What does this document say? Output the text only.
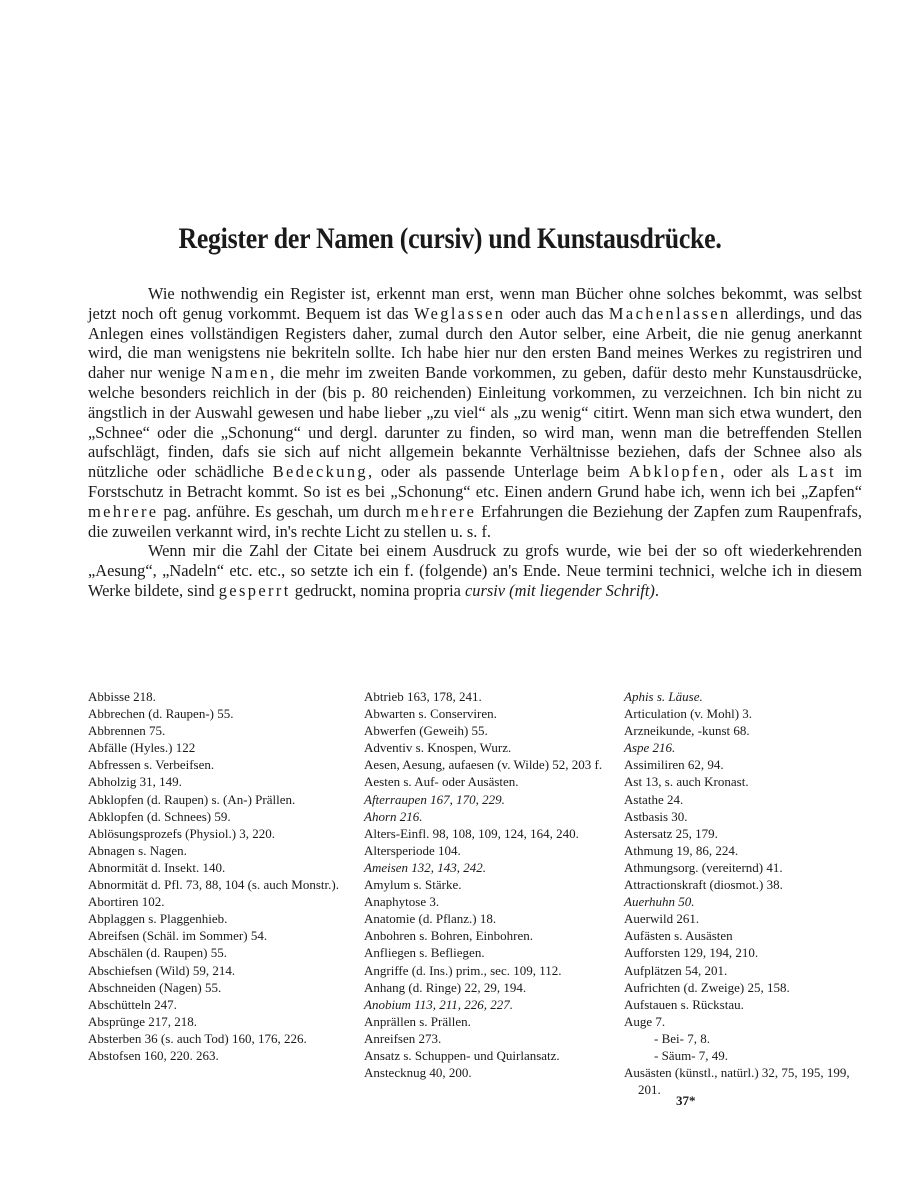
Register der Namen (cursiv) und Kunstausdrücke.

Wie nothwendig ein Register ist, erkennt man erst, wenn man Bücher ohne solches bekommt, was selbst jetzt noch oft genug vorkommt. Bequem ist das Weglassen oder auch das Machenlassen allerdings, und das Anlegen eines vollständigen Registers daher, zumal durch den Autor selber, eine Arbeit, die nie genug anerkannt wird, die man wenigstens nie bekriteln sollte. Ich habe hier nur den ersten Band meines Werkes zu registriren und daher nur wenige Namen, die mehr im zweiten Bande vorkommen, zu geben, dafür desto mehr Kunstausdrücke, welche besonders reichlich in der (bis p. 80 reichenden) Einleitung vorkommen, zu verzeichnen. Ich bin nicht zu ängstlich in der Auswahl gewesen und habe lieber „zu viel“ als „zu wenig“ citirt. Wenn man sich etwa wundert, den „Schnee“ oder die „Schonung“ und dergl. darunter zu finden, so wird man, wenn man die betreffenden Stellen aufschlägt, finden, dafs sie sich auf nicht allgemein bekannte Verhältnisse beziehen, dafs der Schnee also als nützliche oder schädliche Bedeckung, oder als passende Unterlage beim Abklopfen, oder als Last im Forstschutz in Betracht kommt. So ist es bei „Schonung“ etc. Einen andern Grund habe ich, wenn ich bei „Zapfen“ mehrere pag. anführe. Es geschah, um durch mehrere Erfahrungen die Beziehung der Zapfen zum Raupenfrafs, die zuweilen verkannt wird, in's rechte Licht zu stellen u. s. f.

Wenn mir die Zahl der Citate bei einem Ausdruck zu grofs wurde, wie bei der so oft wiederkehrenden „Aesung“, „Nadeln“ etc. etc., so setzte ich ein f. (folgende) an's Ende. Neue termini technici, welche ich in diesem Werke bildete, sind gesperrt gedruckt, nomina propria cursiv (mit liegender Schrift).

Abbisse 218.
Abbrechen (d. Raupen-) 55.
Abbrennen 75.
Abfälle (Hyles.) 122
Abfressen s. Verbeifsen.
Abholzig 31, 149.
Abklopfen (d. Raupen) s. (An-) Prällen.
Abklopfen (d. Schnees) 59.
Ablösungsprozefs (Physiol.) 3, 220.
Abnagen s. Nagen.
Abnormität d. Insekt. 140.
Abnormität d. Pfl. 73, 88, 104 (s. auch Monstr.).
Abortiren 102.
Abplaggen s. Plaggenhieb.
Abreifsen (Schäl. im Sommer) 54.
Abschälen (d. Raupen) 55.
Abschiefsen (Wild) 59, 214.
Abschneiden (Nagen) 55.
Abschütteln 247.
Absprünge 217, 218.
Absterben 36 (s. auch Tod) 160, 176, 226.
Abstofsen 160, 220. 263.
Abtrieb 163, 178, 241.
Abwarten s. Conserviren.
Abwerfen (Geweih) 55.
Adventiv s. Knospen, Wurz.
Aesen, Aesung, aufaesen (v. Wilde) 52, 203 f.
Aesten s. Auf- oder Ausästen.
Afterraupen 167, 170, 229.
Ahorn 216.
Alters-Einfl. 98, 108, 109, 124, 164, 240.
Altersperiode 104.
Ameisen 132, 143, 242.
Amylum s. Stärke.
Anaphytose 3.
Anatomie (d. Pflanz.) 18.
Anbohren s. Bohren, Einbohren.
Anfliegen s. Befliegen.
Angriffe (d. Ins.) prim., sec. 109, 112.
Anhang (d. Ringe) 22, 29, 194.
Anobium 113, 211, 226, 227.
Anprällen s. Prällen.
Anreifsen 273.
Ansatz s. Schuppen- und Quirlansatz.
Anstecknug 40, 200.
Aphis s. Läuse.
Articulation (v. Mohl) 3.
Arzneikunde, -kunst 68.
Aspe 216.
Assimiliren 62, 94.
Ast 13, s. auch Kronast.
Astathe 24.
Astbasis 30.
Astersatz 25, 179.
Athmung 19, 86, 224.
Athmungsorg. (vereiternd) 41.
Attractionskraft (diosmot.) 38.
Auerhuhn 50.
Auerwild 261.
Aufästen s. Ausästen
Aufforsten 129, 194, 210.
Aufplätzen 54, 201.
Aufrichten (d. Zweige) 25, 158.
Aufstauen s. Rückstau.
Auge 7.
- Bei- 7, 8.
- Säum- 7, 49.
Ausästen (künstl., natürl.) 32, 75, 195, 199, 201.
37*
